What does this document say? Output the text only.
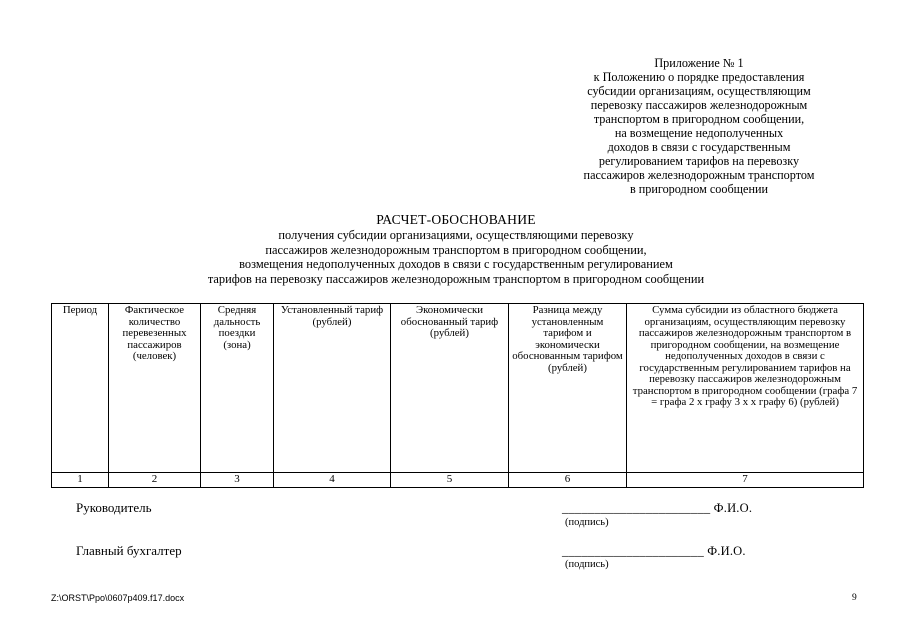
Приложение № 1
к Положению о порядке предоставления
субсидии организациям, осуществляющим
перевозку пассажиров железнодорожным
транспортом в пригородном сообщении,
на возмещение недополученных
доходов в связи с государственным
регулированием тарифов на перевозку
пассажиров железнодорожным транспортом
в пригородном сообщении
РАСЧЕТ-ОБОСНОВАНИЕ
получения субсидии организациями, осуществляющими перевозку
пассажиров железнодорожным транспортом в пригородном сообщении,
возмещения недополученных доходов в связи с государственным регулированием
тарифов на перевозку пассажиров железнодорожным транспортом в пригородном сообщении
Период	Фактическое количество перевезенных пассажиров (человек)	Средняя дальность поездки (зона)	Установленный тариф (рублей)	Экономически обоснованный тариф (рублей)	Разница между установленным тарифом и экономически обоснованным тарифом (рублей)	Сумма субсидии из областного бюджета организациям, осуществляющим перевозку пассажиров железнодорожным транспортом в пригородном сообщении, на возмещение недополученных доходов в связи с государственным регулированием тарифов на перевозку пассажиров железнодорожным транспортом в пригородном сообщении (графа 7 = графа 2 х графу 3 х х графу 6) (рублей)
1	2	3	4	5	6	7
Руководитель	_______________________ Ф.И.О.
(подпись)
Главный бухгалтер	______________________ Ф.И.О.
(подпись)
Z:\ORST\Ppo\0607p409.f17.docx	9
